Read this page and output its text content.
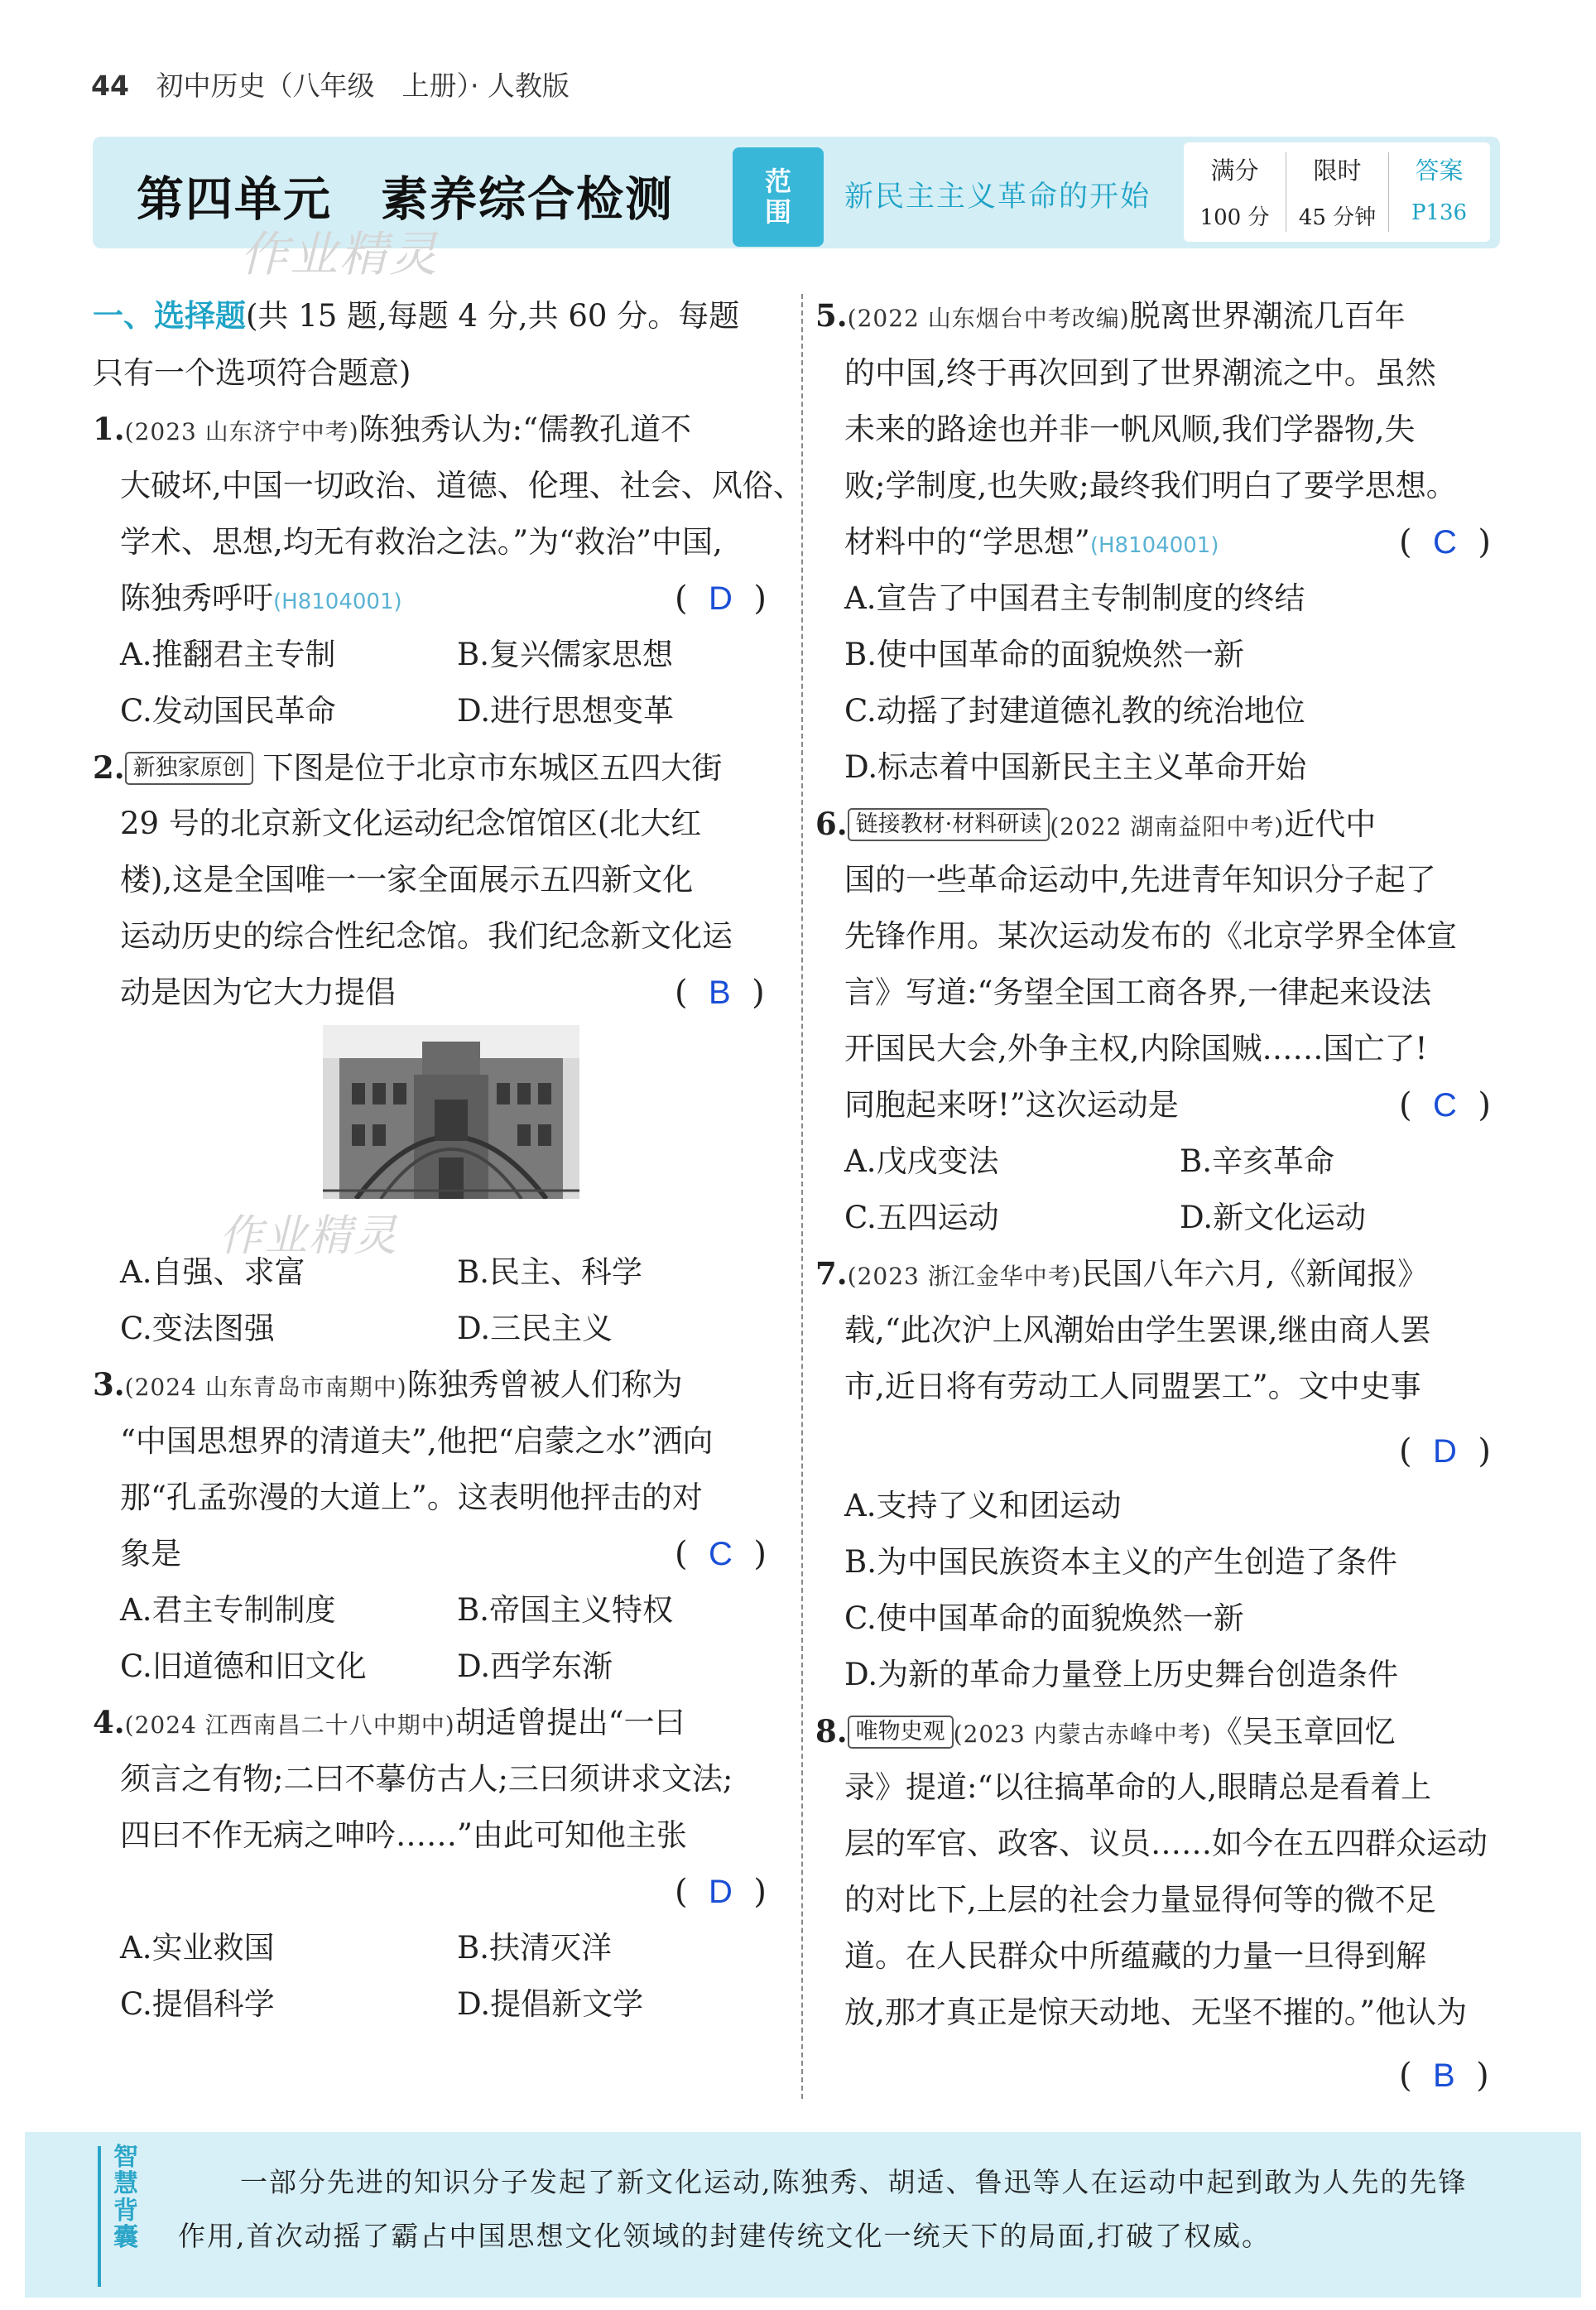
44 初中历史（八年级　上册）· 人教版
第四单元　素养综合检测	范围	新民主主义革命的开始
满分
100 分
限时
45 分钟
答案
P136
作业精灵
一、选择题(共 15 题,每题 4 分,共 60 分。每题
只有一个选项符合题意)
1.(2023 山东济宁中考)陈独秀认为:“儒教孔道不
大破坏,中国一切政治、道德、伦理、社会、风俗、
学术、思想,均无有救治之法。”为“救治”中国,
陈独秀呼吁(H8104001)	(  D  )
A.推翻君主专制	B.复兴儒家思想
C.发动国民革命	D.进行思想变革
2. 新独家原创 下图是位于北京市东城区五四大街
29 号的北京新文化运动纪念馆馆区(北大红
楼),这是全国唯一一家全面展示五四新文化
运动历史的综合性纪念馆。我们纪念新文化运
动是因为它大力提倡	(  B  )
作业精灵
A.自强、求富	B.民主、科学
C.变法图强	D.三民主义
3.(2024 山东青岛市南期中)陈独秀曾被人们称为
“中国思想界的清道夫”,他把“启蒙之水”洒向
那“孔孟弥漫的大道上”。这表明他抨击的对
象是	(  C  )
A.君主专制制度	B.帝国主义特权
C.旧道德和旧文化	D.西学东渐
4.(2024 江西南昌二十八中期中)胡适曾提出“一曰
须言之有物;二曰不摹仿古人;三曰须讲求文法;
四曰不作无病之呻吟……”由此可知他主张
(  D  )
A.实业救国	B.扶清灭洋
C.提倡科学	D.提倡新文学
5.(2022 山东烟台中考改编)脱离世界潮流几百年
的中国,终于再次回到了世界潮流之中。虽然
未来的路途也并非一帆风顺,我们学器物,失
败;学制度,也失败;最终我们明白了要学思想。
材料中的“学思想”(H8104001)	(  C  )
A.宣告了中国君主专制制度的终结
B.使中国革命的面貌焕然一新
C.动摇了封建道德礼教的统治地位
D.标志着中国新民主主义革命开始
6. 链接教材·材料研读 (2022 湖南益阳中考)近代中
国的一些革命运动中,先进青年知识分子起了
先锋作用。某次运动发布的《北京学界全体宣
言》写道:“务望全国工商各界,一律起来设法
开国民大会,外争主权,内除国贼……国亡了!
同胞起来呀!”这次运动是	(  C  )
A.戊戌变法	B.辛亥革命
C.五四运动	D.新文化运动
7.(2023 浙江金华中考)民国八年六月,《新闻报》
载,“此次沪上风潮始由学生罢课,继由商人罢
市,近日将有劳动工人同盟罢工”。文中史事
(  D  )
A.支持了义和团运动
B.为中国民族资本主义的产生创造了条件
C.使中国革命的面貌焕然一新
D.为新的革命力量登上历史舞台创造条件
8. 唯物史观 (2023 内蒙古赤峰中考)《吴玉章回忆
录》提道:“以往搞革命的人,眼睛总是看着上
层的军官、政客、议员……如今在五四群众运动
的对比下,上层的社会力量显得何等的微不足
道。在人民群众中所蕴藏的力量一旦得到解
放,那才真正是惊天动地、无坚不摧的。”他认为
(  B  )
智慧背囊
一部分先进的知识分子发起了新文化运动,陈独秀、胡适、鲁迅等人在运动中起到敢为人先的先锋
作用,首次动摇了霸占中国思想文化领域的封建传统文化一统天下的局面,打破了权威。
